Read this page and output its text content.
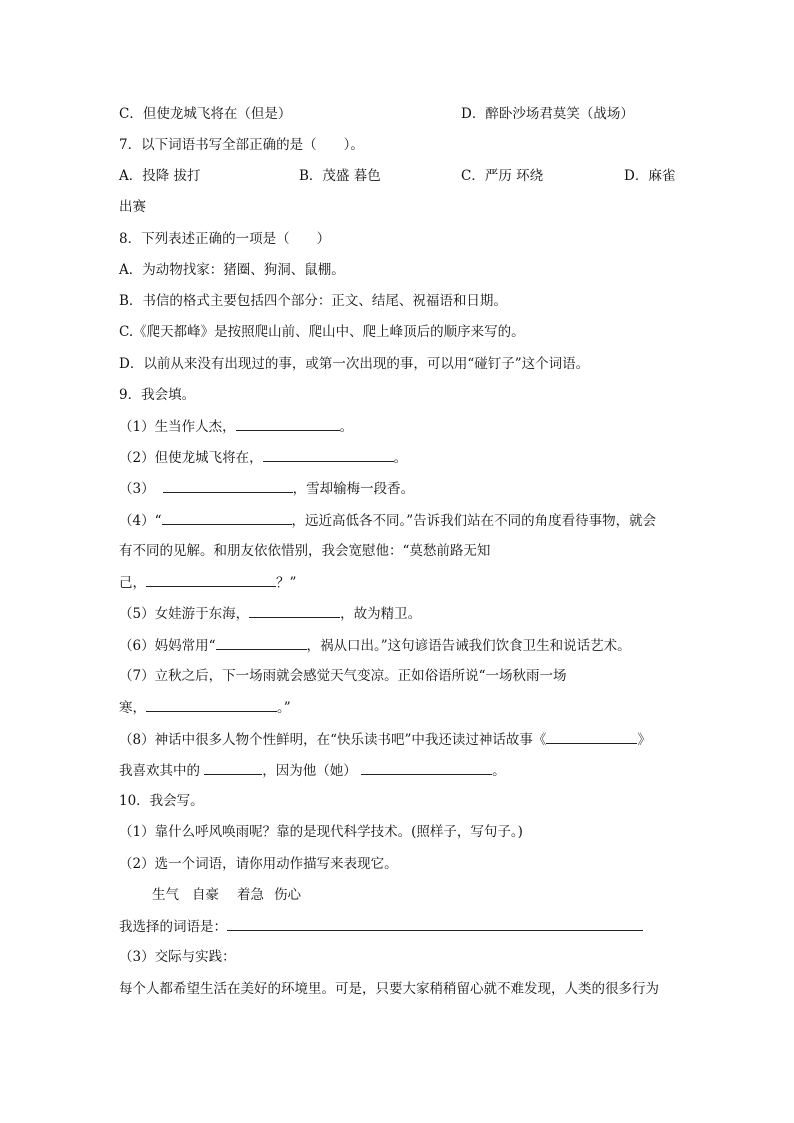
C．但使龙城飞将在（但是）	D．醉卧沙场君莫笑（战场）
7．以下词语书写全部正确的是（　　）。
A．投降 拔打	B．茂盛 暮色	C．严历 环绕	D．麻雀
出赛
8．下列表述正确的一项是（　　）
A．为动物找家：猪圈、狗洞、鼠棚。
B．书信的格式主要包括四个部分：正文、结尾、祝福语和日期。
C.《爬天都峰》是按照爬山前、爬山中、爬上峰顶后的顺序来写的。
D．以前从来没有出现过的事，或第一次出现的事，可以用“碰钉子”这个词语。
9．我会填。
（1）生当作人杰，	。
（2）但使龙城飞将在，	。
（3）	，雪却输梅一段香。
（4）“	，远近高低各不同。”告诉我们站在不同的角度看待事物，就会
有不同的见解。和朋友依依惜别，我会宽慰他：“莫愁前路无知
己，	？”
（5）女娃游于东海，	，故为精卫。
（6）妈妈常用“	，祸从口出。”这句谚语告诫我们饮食卫生和说话艺术。
（7）立秋之后，下一场雨就会感觉天气变凉。正如俗语所说“一场秋雨一场
寒，	。”
（8）神话中很多人物个性鲜明，在“快乐读书吧”中我还读过神话故事《	》
我喜欢其中的	，因为他（她）	。
10．我会写。
（1）靠什么呼风唤雨呢？靠的是现代科学技术。(照样子，写句子。)
（2）选一个词语，请你用动作描写来表现它。
生气 自豪 着急 伤心
我选择的词语是：
（3）交际与实践：
每个人都希望生活在美好的环境里。可是，只要大家稍稍留心就不难发现，人类的很多行为
